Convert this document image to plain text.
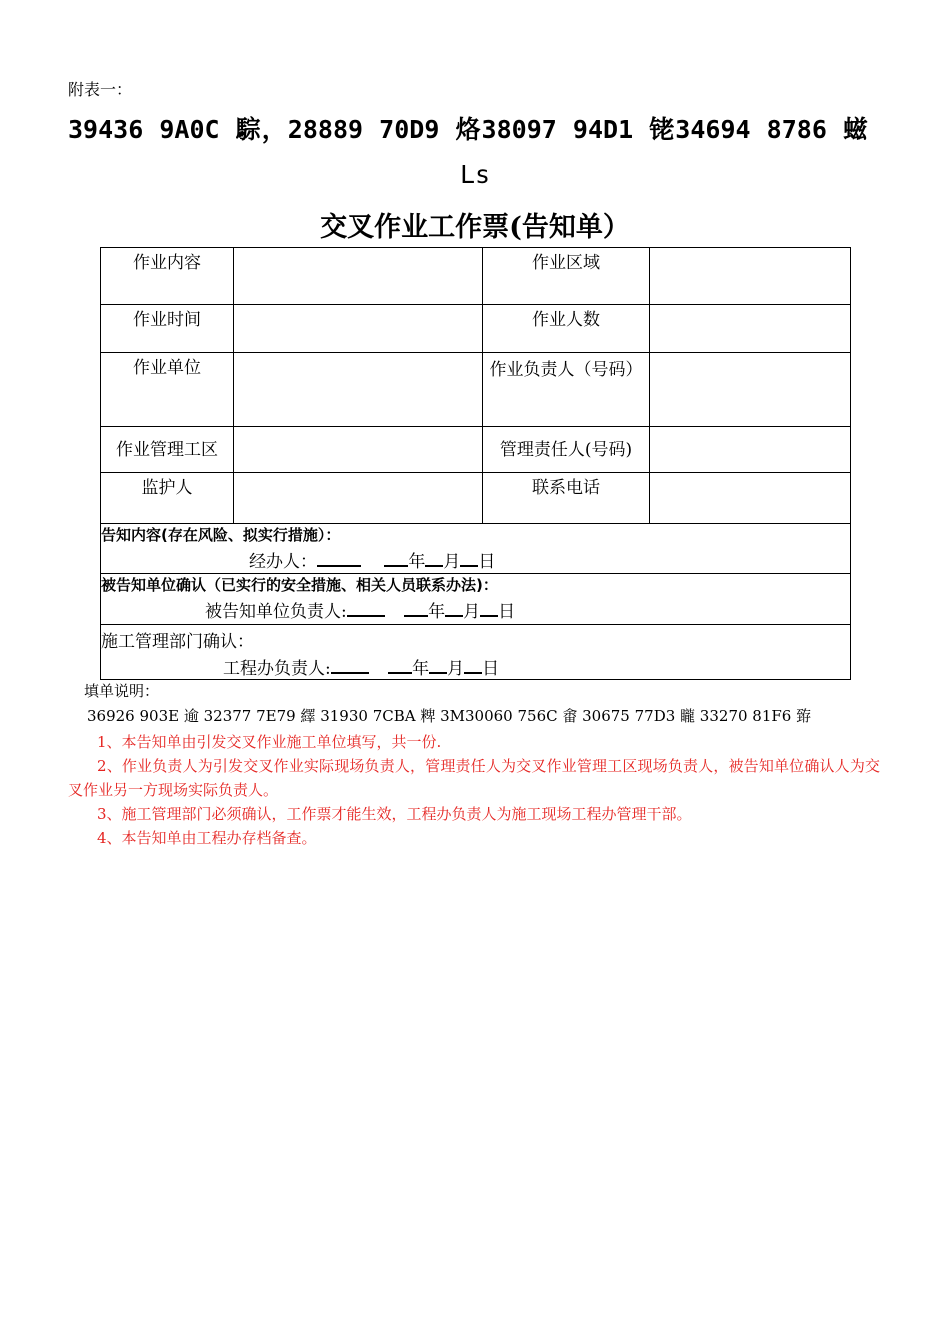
附表一：
39436 9A0C 騌，28889 70D9 烙38097 94D1 铑34694 8786 螆
Ls
交叉作业工作票(告知单）
作业内容		作业区域	
作业时间		作业人数	
作业单位		作业负责人（号码）	
作业管理工区		管理责任人(号码)	
监护人		联系电话	

告知内容(存在风险、拟实行措施）：
经办人： 年 月 日			

被告知单位确认（已实行的安全措施、相关人员联系办法)：
被告知单位负责人: 年 月 日			

施工管理部门确认：
工程办负责人: 年 月 日			
填单说明：
36926 903E 逾 32377 7E79 繹 31930 7CBA 粺 3M30060 756C 畬 30675 77D3 矓 33270 81F6 臶

1、本告知单由引发交叉作业施工单位填写，共一份.

2、作业负责人为引发交叉作业实际现场负责人，管理责任人为交叉作业管理工区现场负责人，被告知单位确认人为交叉作业另一方现场实际负责人。

3、施工管理部门必须确认，工作票才能生效，工程办负责人为施工现场工程办管理干部。

4、本告知单由工程办存档备查。
